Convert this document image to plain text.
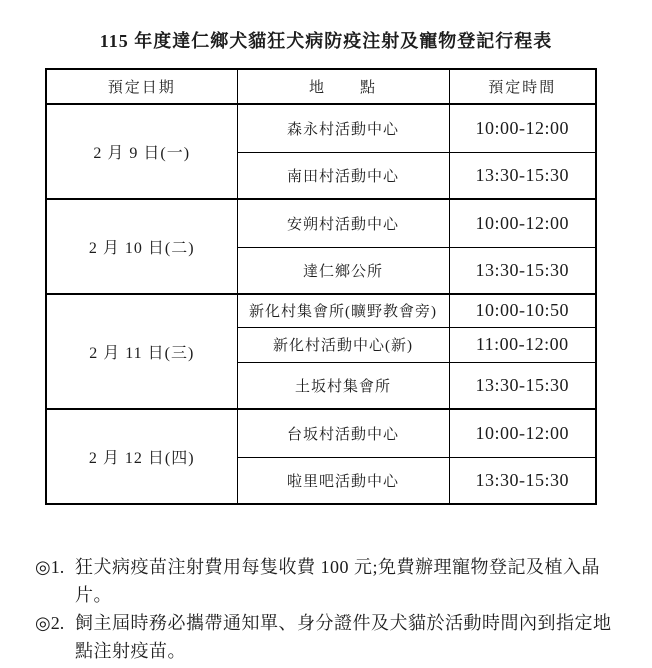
115 年度達仁鄉犬貓狂犬病防疫注射及寵物登記行程表
預定日期	地　　點	預定時間
2 月 9 日(一)	森永村活動中心	10:00-12:00
	南田村活動中心	13:30-15:30
2 月 10 日(二)	安朔村活動中心	10:00-12:00
	達仁鄉公所	13:30-15:30
2 月 11 日(三)	新化村集會所(曠野教會旁)	10:00-10:50
	新化村活動中心(新)	11:00-12:00
	土坂村集會所	13:30-15:30
2 月 12 日(四)	台坂村活動中心	10:00-12:00
	啦里吧活動中心	13:30-15:30
◎1. 狂犬病疫苗注射費用每隻收費 100 元;免費辦理寵物登記及植入晶片。
◎2. 飼主屆時務必攜帶通知單、身分證件及犬貓於活動時間內到指定地點注射疫苗。
